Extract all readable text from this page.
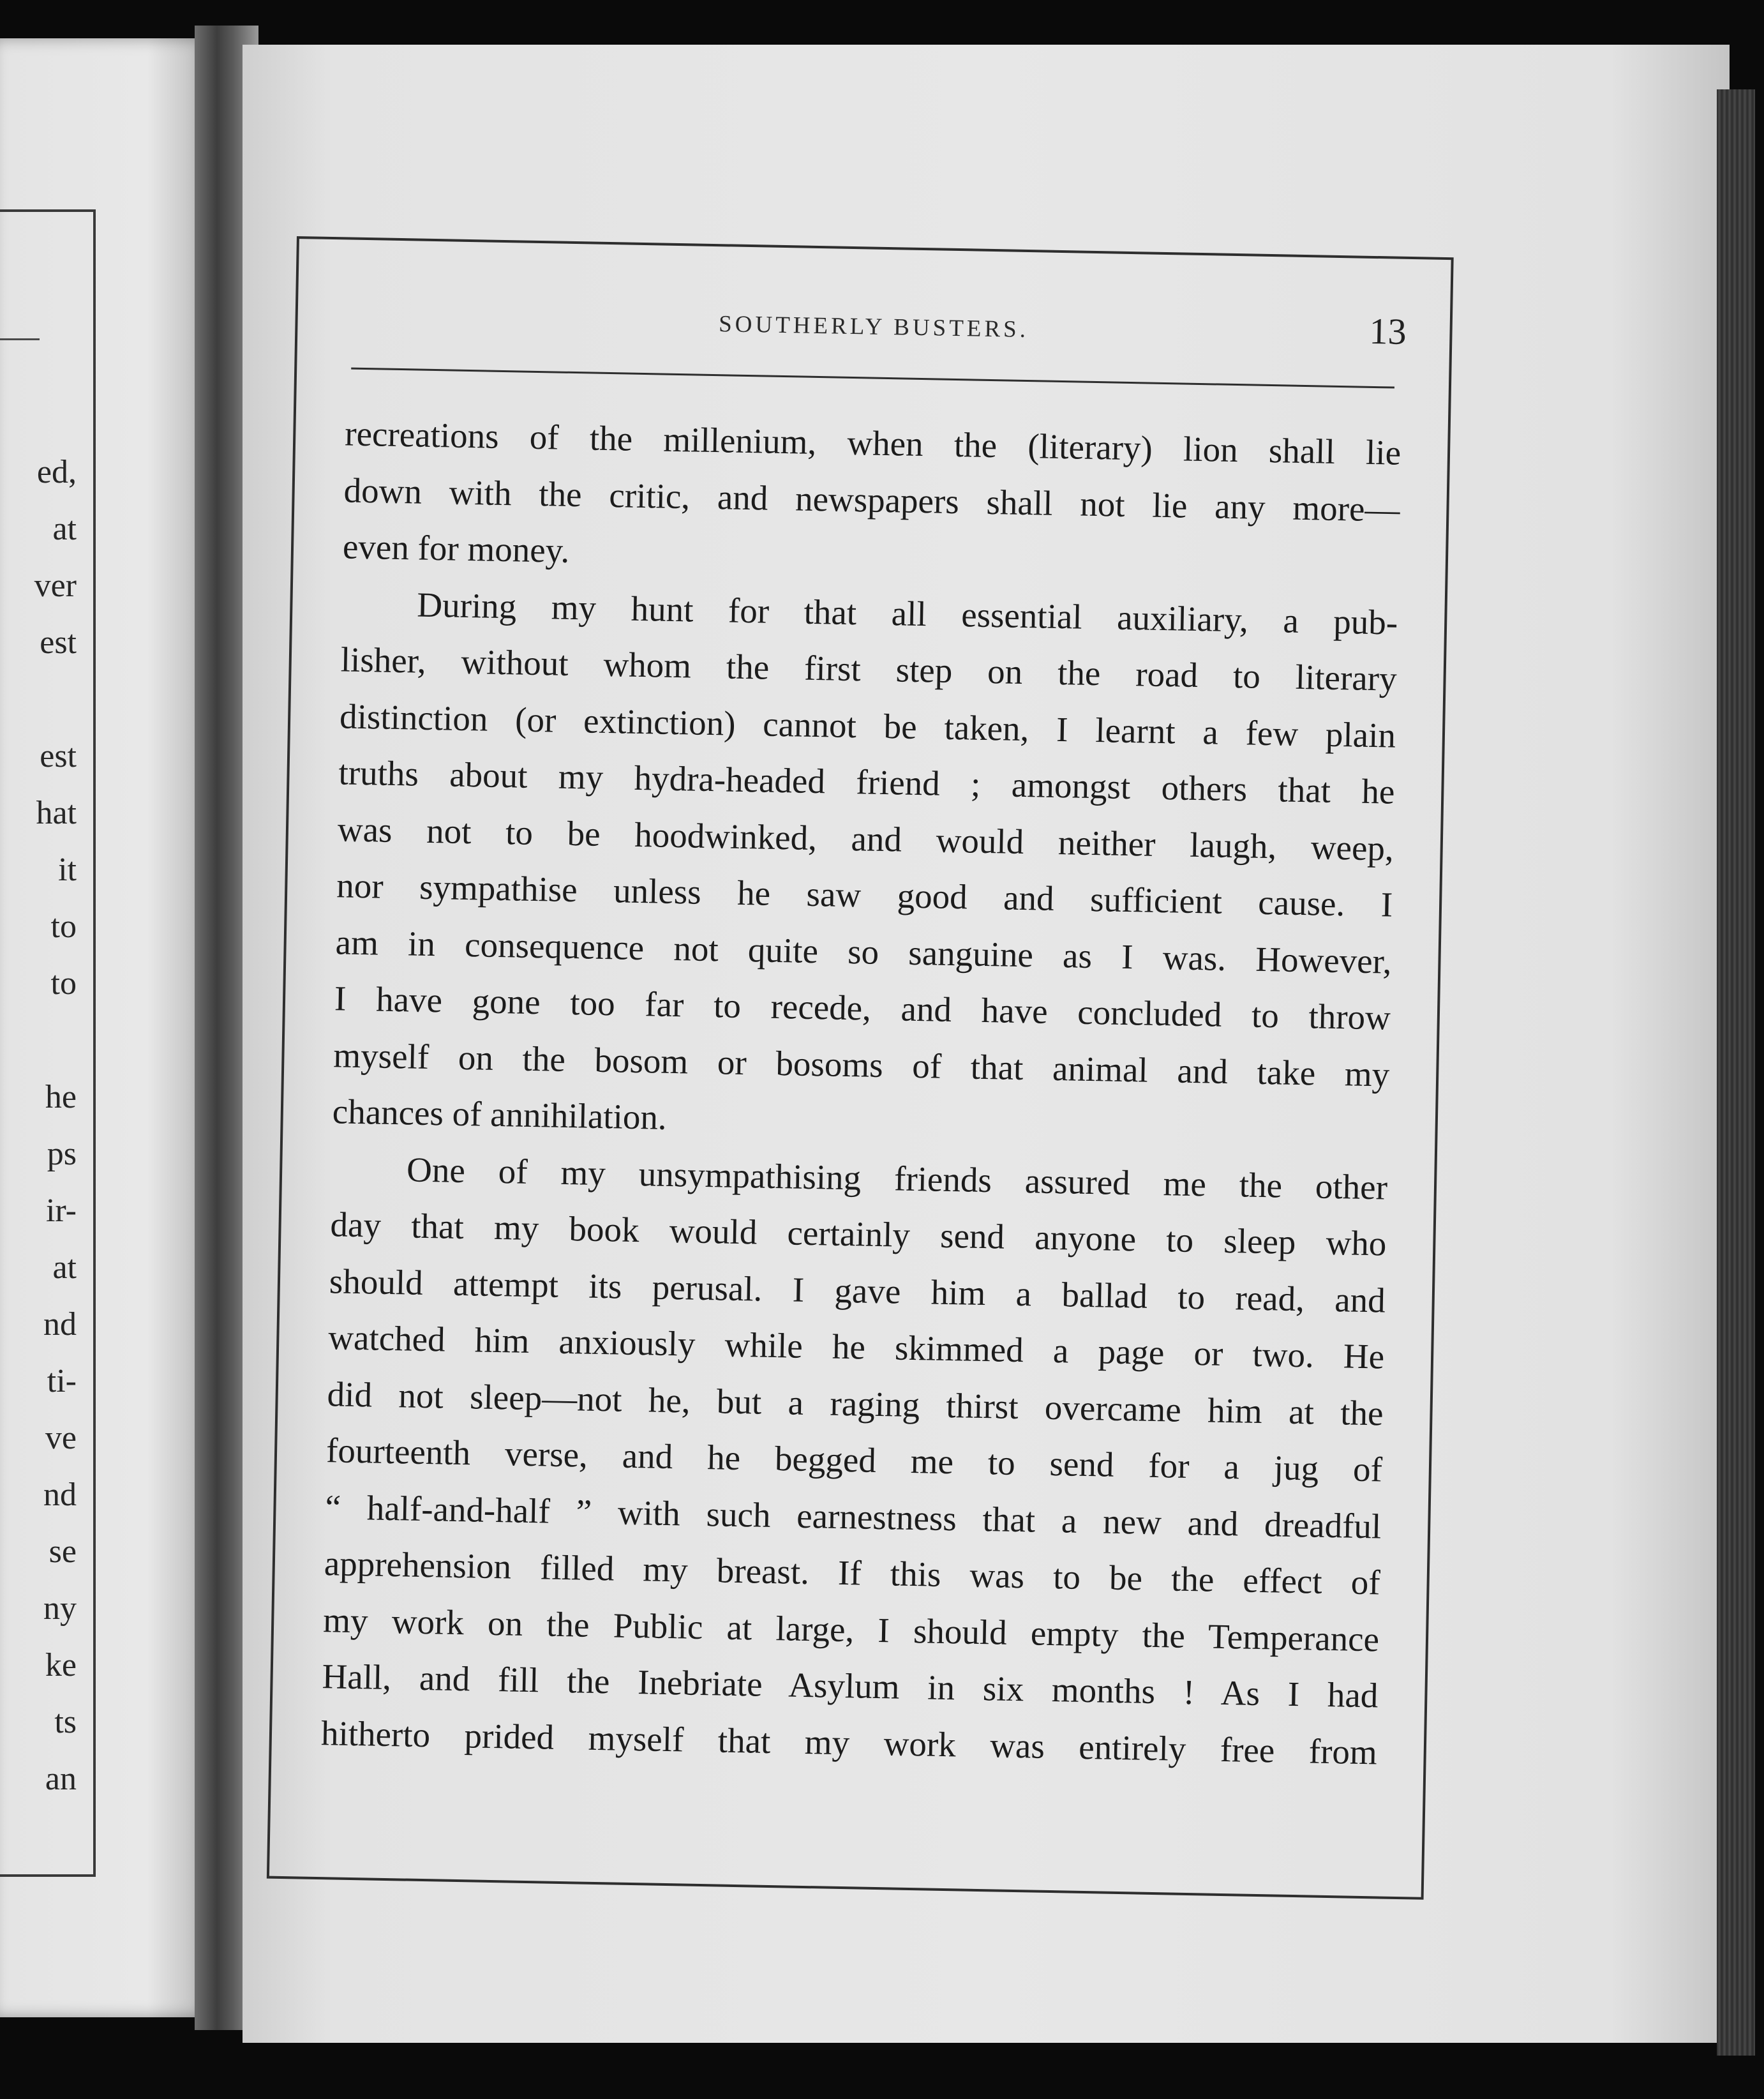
ed,
at
ver
est
est
hat
it
to
to
he
ps
ir-
at
nd
ti-
ve
nd
se
ny
ke
ts
an
SOUTHERLY BUSTERS.	13
recreations of the millenium, when the (literary) lion shall lie
down with the critic, and newspapers shall not lie any more—
even for money.
During my hunt for that all essential auxiliary, a pub-
lisher, without whom the first step on the road to literary
distinction (or extinction) cannot be taken, I learnt a few plain
truths about my hydra-headed friend ; amongst others that he
was not to be hoodwinked, and would neither laugh, weep,
nor sympathise unless he saw good and sufficient cause. I
am in consequence not quite so sanguine as I was. However,
I have gone too far to recede, and have concluded to throw
myself on the bosom or bosoms of that animal and take my
chances of annihilation.
One of my unsympathising friends assured me the other
day that my book would certainly send anyone to sleep who
should attempt its perusal. I gave him a ballad to read, and
watched him anxiously while he skimmed a page or two. He
did not sleep—not he, but a raging thirst overcame him at the
fourteenth verse, and he begged me to send for a jug of
“ half-and-half ” with such earnestness that a new and dreadful
apprehension filled my breast. If this was to be the effect of
my work on the Public at large, I should empty the Temperance
Hall, and fill the Inebriate Asylum in six months ! As I had
hitherto prided myself that my work was entirely free from
